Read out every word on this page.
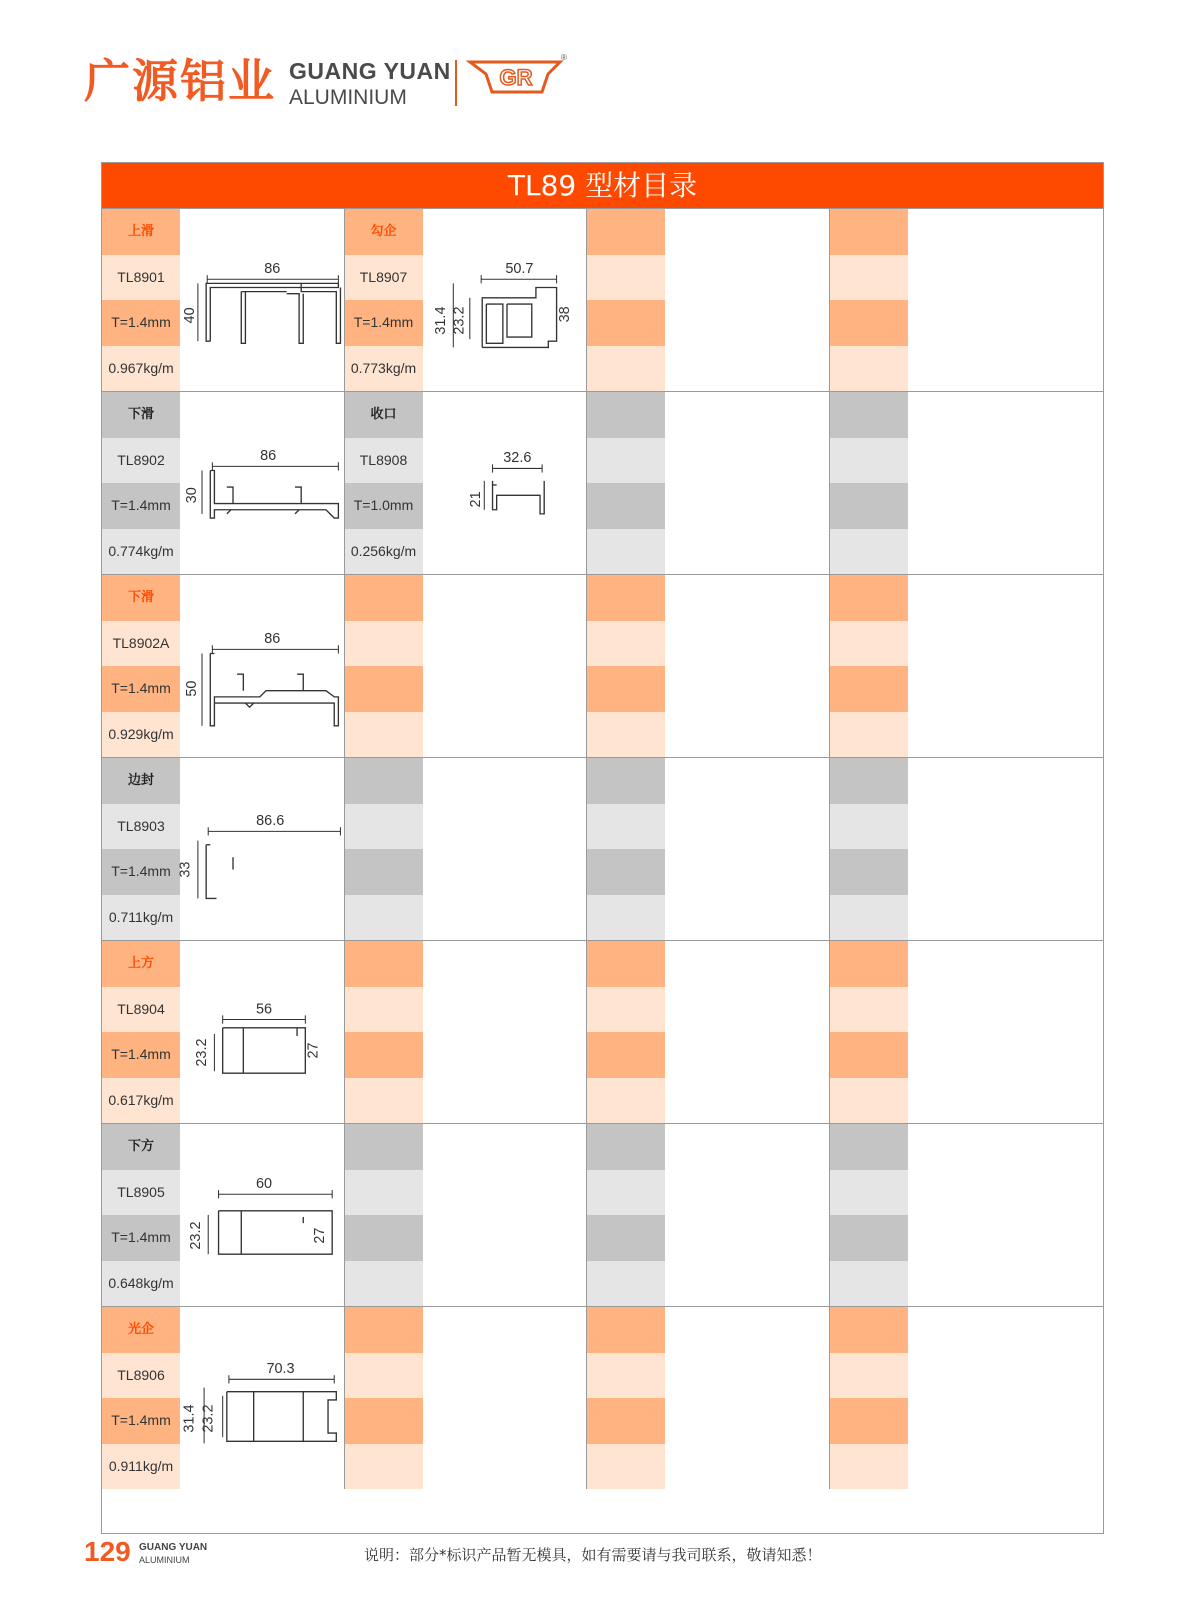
广源铝业 GUANG YUAN
ALUMINIUM
GR
®
TL89 型材目录
上滑
TL8901
T=1.4mm
0.967kg/m
86
40
勾企
TL8907
T=1.4mm
0.773kg/m
50.7
31.4 23.2	38
下滑
TL8902
T=1.4mm
0.774kg/m
86
30
收口
TL8908
T=1.0mm
0.256kg/m
32.6
21
下滑
TL8902A
T=1.4mm
0.929kg/m
86
50
边封
TL8903
T=1.4mm
0.711kg/m
86.6
33
上方
TL8904
T=1.4mm
0.617kg/m
56
23.2	27
下方
TL8905
T=1.4mm
0.648kg/m
60
23.2	27
光企
TL8906
T=1.4mm
0.911kg/m
70.3
31.4 23.2
129 GUANG YUAN
ALUMINIUM	说明：部分*标识产品暂无模具，如有需要请与我司联系，敬请知悉！
